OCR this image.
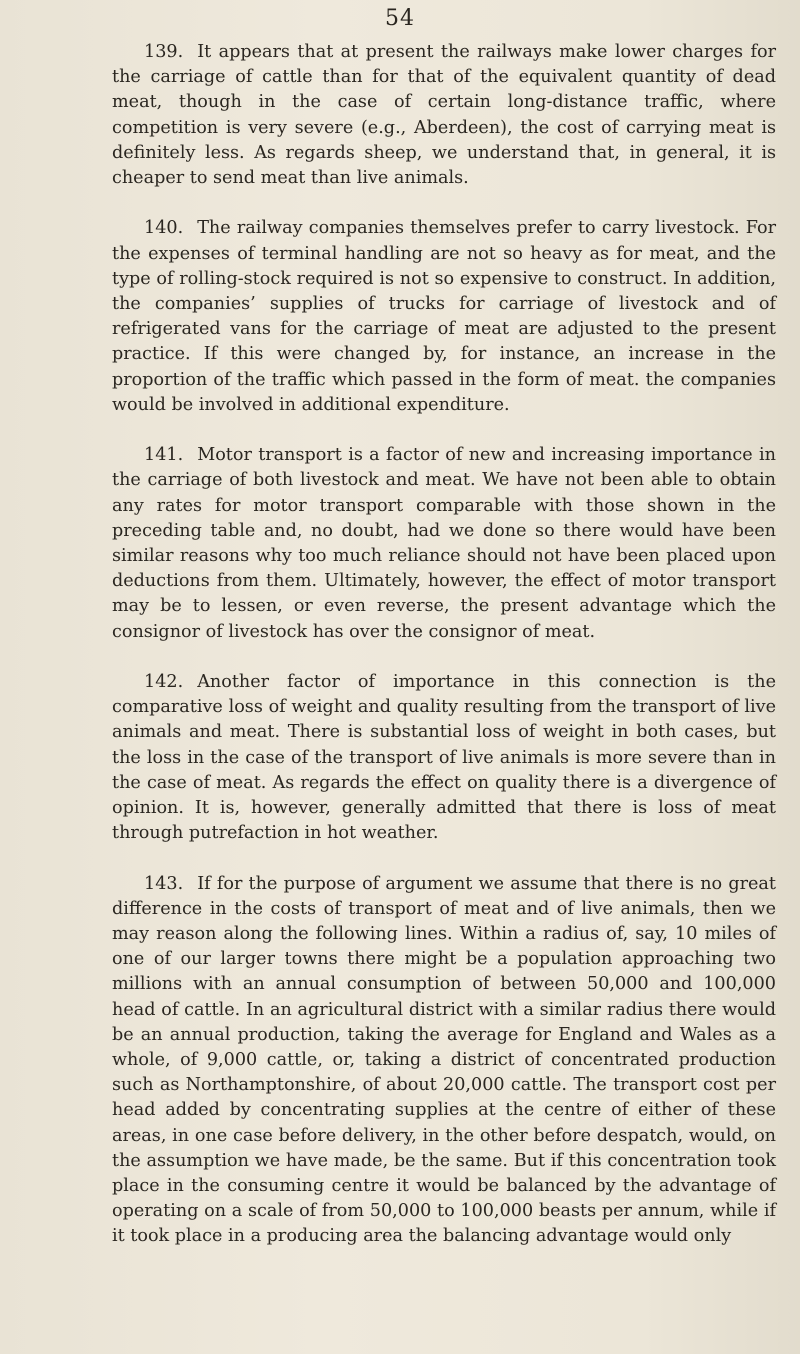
54

139. It appears that at present the railways make lower charges for the carriage of cattle than for that of the equivalent quantity of dead meat, though in the case of certain long-distance traffic, where competition is very severe (e.g., Aberdeen), the cost of carrying meat is definitely less. As regards sheep, we understand that, in general, it is cheaper to send meat than live animals.

140. The railway companies themselves prefer to carry livestock. For the expenses of terminal handling are not so heavy as for meat, and the type of rolling-stock required is not so expensive to construct. In addition, the companies’ supplies of trucks for carriage of livestock and of refrigerated vans for the carriage of meat are adjusted to the present practice. If this were changed by, for instance, an increase in the proportion of the traffic which passed in the form of meat. the companies would be involved in additional expenditure.

141. Motor transport is a factor of new and increasing importance in the carriage of both livestock and meat. We have not been able to obtain any rates for motor transport comparable with those shown in the preceding table and, no doubt, had we done so there would have been similar reasons why too much reliance should not have been placed upon deductions from them. Ultimately, however, the effect of motor transport may be to lessen, or even reverse, the present advantage which the consignor of livestock has over the consignor of meat.

142. Another factor of importance in this connection is the comparative loss of weight and quality resulting from the transport of live animals and meat. There is substantial loss of weight in both cases, but the loss in the case of the transport of live animals is more severe than in the case of meat. As regards the effect on quality there is a divergence of opinion. It is, however, generally admitted that there is loss of meat through putrefaction in hot weather.

143. If for the purpose of argument we assume that there is no great difference in the costs of transport of meat and of live animals, then we may reason along the following lines. Within a radius of, say, 10 miles of one of our larger towns there might be a population approaching two millions with an annual consumption of between 50,000 and 100,000 head of cattle. In an agricultural district with a similar radius there would be an annual production, taking the average for England and Wales as a whole, of 9,000 cattle, or, taking a district of concentrated production such as Northamptonshire, of about 20,000 cattle. The transport cost per head added by concentrating supplies at the centre of either of these areas, in one case before delivery, in the other before despatch, would, on the assumption we have made, be the same. But if this concentration took place in the consuming centre it would be balanced by the advantage of operating on a scale of from 50,000 to 100,000 beasts per annum, while if it took place in a producing area the balancing advantage would only
